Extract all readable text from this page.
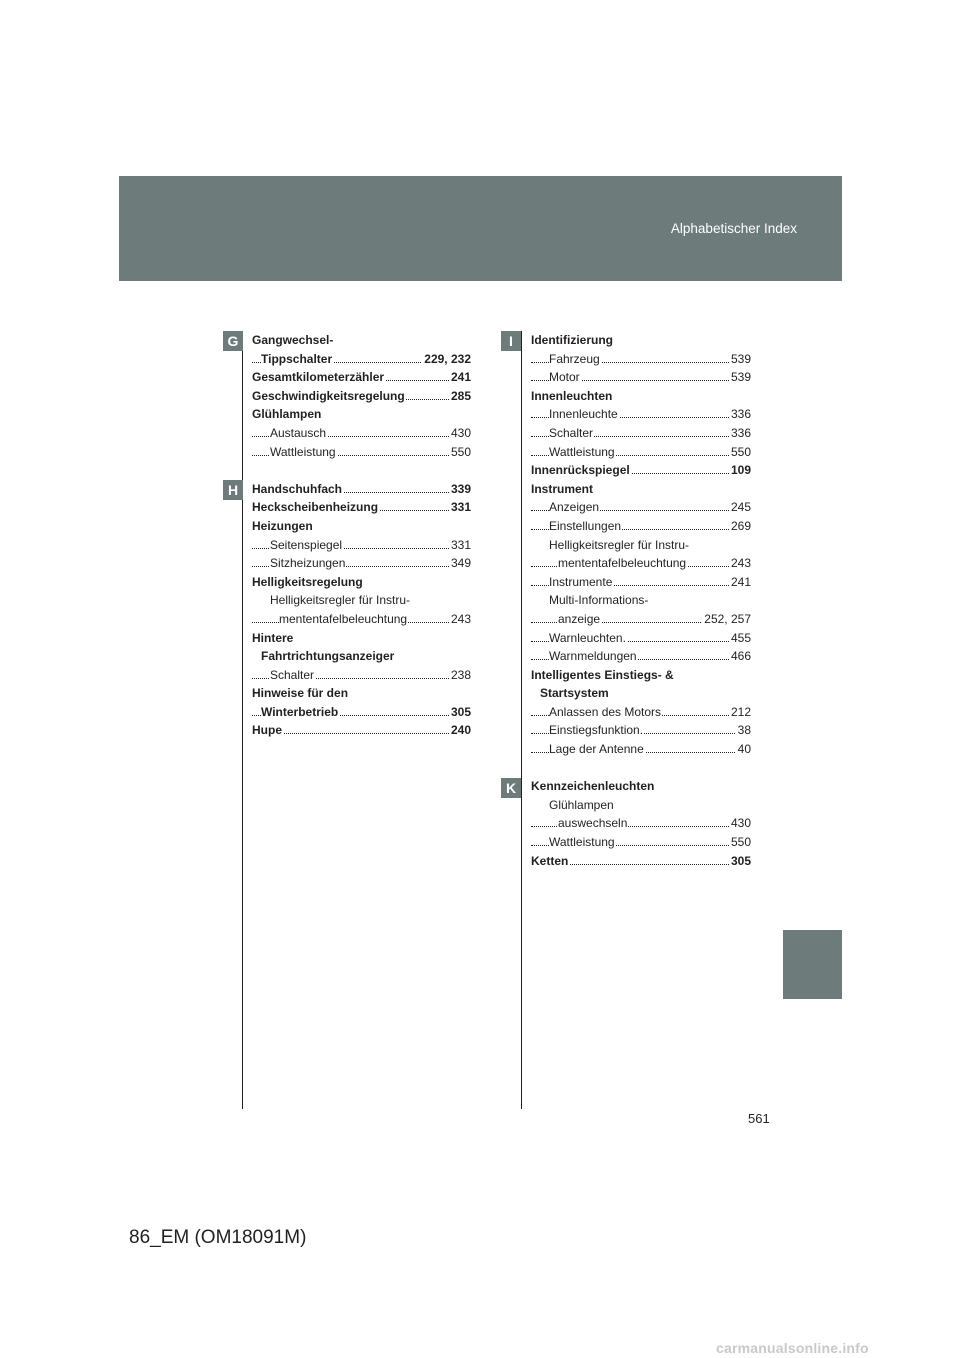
Alphabetischer Index
G
H
I
K
Gangwechsel-
Tippschalter	229, 232
Gesamtkilometerzähler	241
Geschwindigkeitsregelung	285
Glühlampen
Austausch	430
Wattleistung	550
Handschuhfach	339
Heckscheibenheizung	331
Heizungen
Seitenspiegel	331
Sitzheizungen	349
Helligkeitsregelung
Helligkeitsregler für Instru-
mententafelbeleuchtung	243
Hintere
Fahrtrichtungsanzeiger
Schalter	238
Hinweise für den
Winterbetrieb	305
Hupe	240
Identifizierung
Fahrzeug	539
Motor	539
Innenleuchten
Innenleuchte	336
Schalter	336
Wattleistung	550
Innenrückspiegel	109
Instrument
Anzeigen	245
Einstellungen	269
Helligkeitsregler für Instru-
mententafelbeleuchtung	243
Instrumente	241
Multi-Informations-
anzeige	252, 257
Warnleuchten.	455
Warnmeldungen	466
Intelligentes Einstiegs- &
Startsystem
Anlassen des Motors	212
Einstiegsfunktion.	38
Lage der Antenne	40
Kennzeichenleuchten
Glühlampen
auswechseln	430
Wattleistung	550
Ketten	305
561
86_EM (OM18091M)
carmanualsonline.info
